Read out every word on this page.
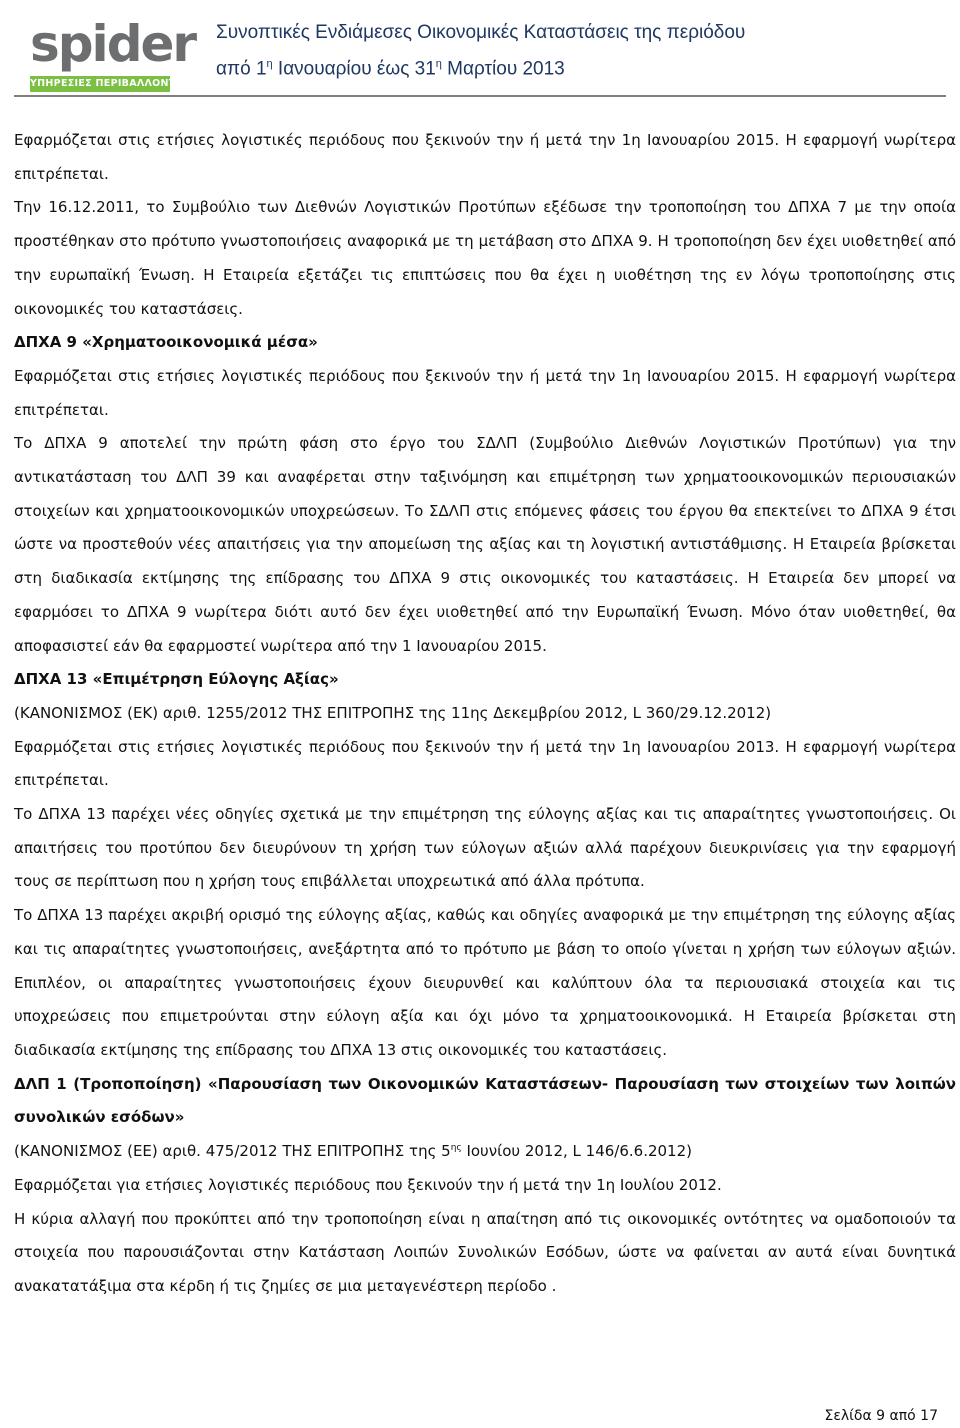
spider
ΥΠΗΡΕΣΙΕΣ ΠΕΡΙΒΑΛΛΟΝΤΟΣ
Συνοπτικές Ενδιάμεσες Οικονομικές Καταστάσεις της περιόδου
από $1^\eta$ Ιανουαρίου έως $31^\eta$ Μαρτίου 2013

Εφαρμόζεται στις ετήσιες λογιστικές περιόδους που ξεκινούν την ή μετά την 1η Ιανουαρίου 2015. Η εφαρμογή νωρίτερα επιτρέπεται.

Την 16.12.2011, το Συμβούλιο των Διεθνών Λογιστικών Προτύπων εξέδωσε την τροποποίηση του ΔΠΧΑ 7 με την οποία προστέθηκαν στο πρότυπο γνωστοποιήσεις αναφορικά με τη μετάβαση στο ΔΠΧΑ 9. Η τροποποίηση δεν έχει υιοθετηθεί από την ευρωπαϊκή Ένωση. Η Εταιρεία εξετάζει τις επιπτώσεις που θα έχει η υιοθέτηση της εν λόγω τροποποίησης στις οικονομικές του καταστάσεις.

ΔΠΧΑ 9 «Χρηματοοικονομικά μέσα»

Εφαρμόζεται στις ετήσιες λογιστικές περιόδους που ξεκινούν την ή μετά την 1η Ιανουαρίου 2015. Η εφαρμογή νωρίτερα επιτρέπεται.

Το ΔΠΧΑ 9 αποτελεί την πρώτη φάση στο έργο του ΣΔΛΠ (Συμβούλιο Διεθνών Λογιστικών Προτύπων) για την αντικατάσταση του ΔΛΠ 39 και αναφέρεται στην ταξινόμηση και επιμέτρηση των χρηματοοικονομικών περιουσιακών στοιχείων και χρηματοοικονομικών υποχρεώσεων. Το ΣΔΛΠ στις επόμενες φάσεις του έργου θα επεκτείνει το ΔΠΧΑ 9 έτσι ώστε να προστεθούν νέες απαιτήσεις για την απομείωση της αξίας και τη λογιστική αντιστάθμισης. Η Εταιρεία βρίσκεται στη διαδικασία εκτίμησης της επίδρασης του ΔΠΧΑ 9 στις οικονομικές του καταστάσεις. Η Εταιρεία δεν μπορεί να εφαρμόσει το ΔΠΧΑ 9 νωρίτερα διότι αυτό δεν έχει υιοθετηθεί από την Ευρωπαϊκή Ένωση. Μόνο όταν υιοθετηθεί, θα αποφασιστεί εάν θα εφαρμοστεί νωρίτερα από την 1 Ιανουαρίου 2015.

ΔΠΧΑ 13 «Επιμέτρηση Εύλογης Αξίας»

(ΚΑΝΟΝΙΣΜΟΣ (ΕΚ) αριθ. 1255/2012 ΤΗΣ ΕΠΙΤΡΟΠΗΣ της 11ης Δεκεμβρίου 2012, L 360/29.12.2012)

Εφαρμόζεται στις ετήσιες λογιστικές περιόδους που ξεκινούν την ή μετά την 1η Ιανουαρίου 2013. Η εφαρμογή νωρίτερα επιτρέπεται.

Το ΔΠΧΑ 13 παρέχει νέες οδηγίες σχετικά με την επιμέτρηση της εύλογης αξίας και τις απαραίτητες γνωστοποιήσεις. Οι απαιτήσεις του προτύπου δεν διευρύνουν τη χρήση των εύλογων αξιών αλλά παρέχουν διευκρινίσεις για την εφαρμογή τους σε περίπτωση που η χρήση τους επιβάλλεται υποχρεωτικά από άλλα πρότυπα.

Το ΔΠΧΑ 13 παρέχει ακριβή ορισμό της εύλογης αξίας, καθώς και οδηγίες αναφορικά με την επιμέτρηση της εύλογης αξίας και τις απαραίτητες γνωστοποιήσεις, ανεξάρτητα από το πρότυπο με βάση το οποίο γίνεται η χρήση των εύλογων αξιών. Επιπλέον, οι απαραίτητες γνωστοποιήσεις έχουν διευρυνθεί και καλύπτουν όλα τα περιουσιακά στοιχεία και τις υποχρεώσεις που επιμετρούνται στην εύλογη αξία και όχι μόνο τα χρηματοοικονομικά. Η Εταιρεία βρίσκεται στη διαδικασία εκτίμησης της επίδρασης του ΔΠΧΑ 13 στις οικονομικές του καταστάσεις.

ΔΛΠ 1 (Τροποποίηση) «Παρουσίαση των Οικονομικών Καταστάσεων- Παρουσίαση των στοιχείων των λοιπών συνολικών εσόδων»

(ΚΑΝΟΝΙΣΜΟΣ (ΕΕ) αριθ. 475/2012 ΤΗΣ ΕΠΙΤΡΟΠΗΣ της $5^{\eta\varsigma}$ Ιουνίου 2012, L 146/6.6.2012)

Εφαρμόζεται για ετήσιες λογιστικές περιόδους που ξεκινούν την ή μετά την 1η Ιουλίου 2012.

Η κύρια αλλαγή που προκύπτει από την τροποποίηση είναι η απαίτηση από τις οικονομικές οντότητες να ομαδοποιούν τα στοιχεία που παρουσιάζονται στην Κατάσταση Λοιπών Συνολικών Εσόδων, ώστε να φαίνεται αν αυτά είναι δυνητικά ανακατατάξιμα στα κέρδη ή τις ζημίες σε μια μεταγενέστερη περίοδο .

Σελίδα 9 από 17
